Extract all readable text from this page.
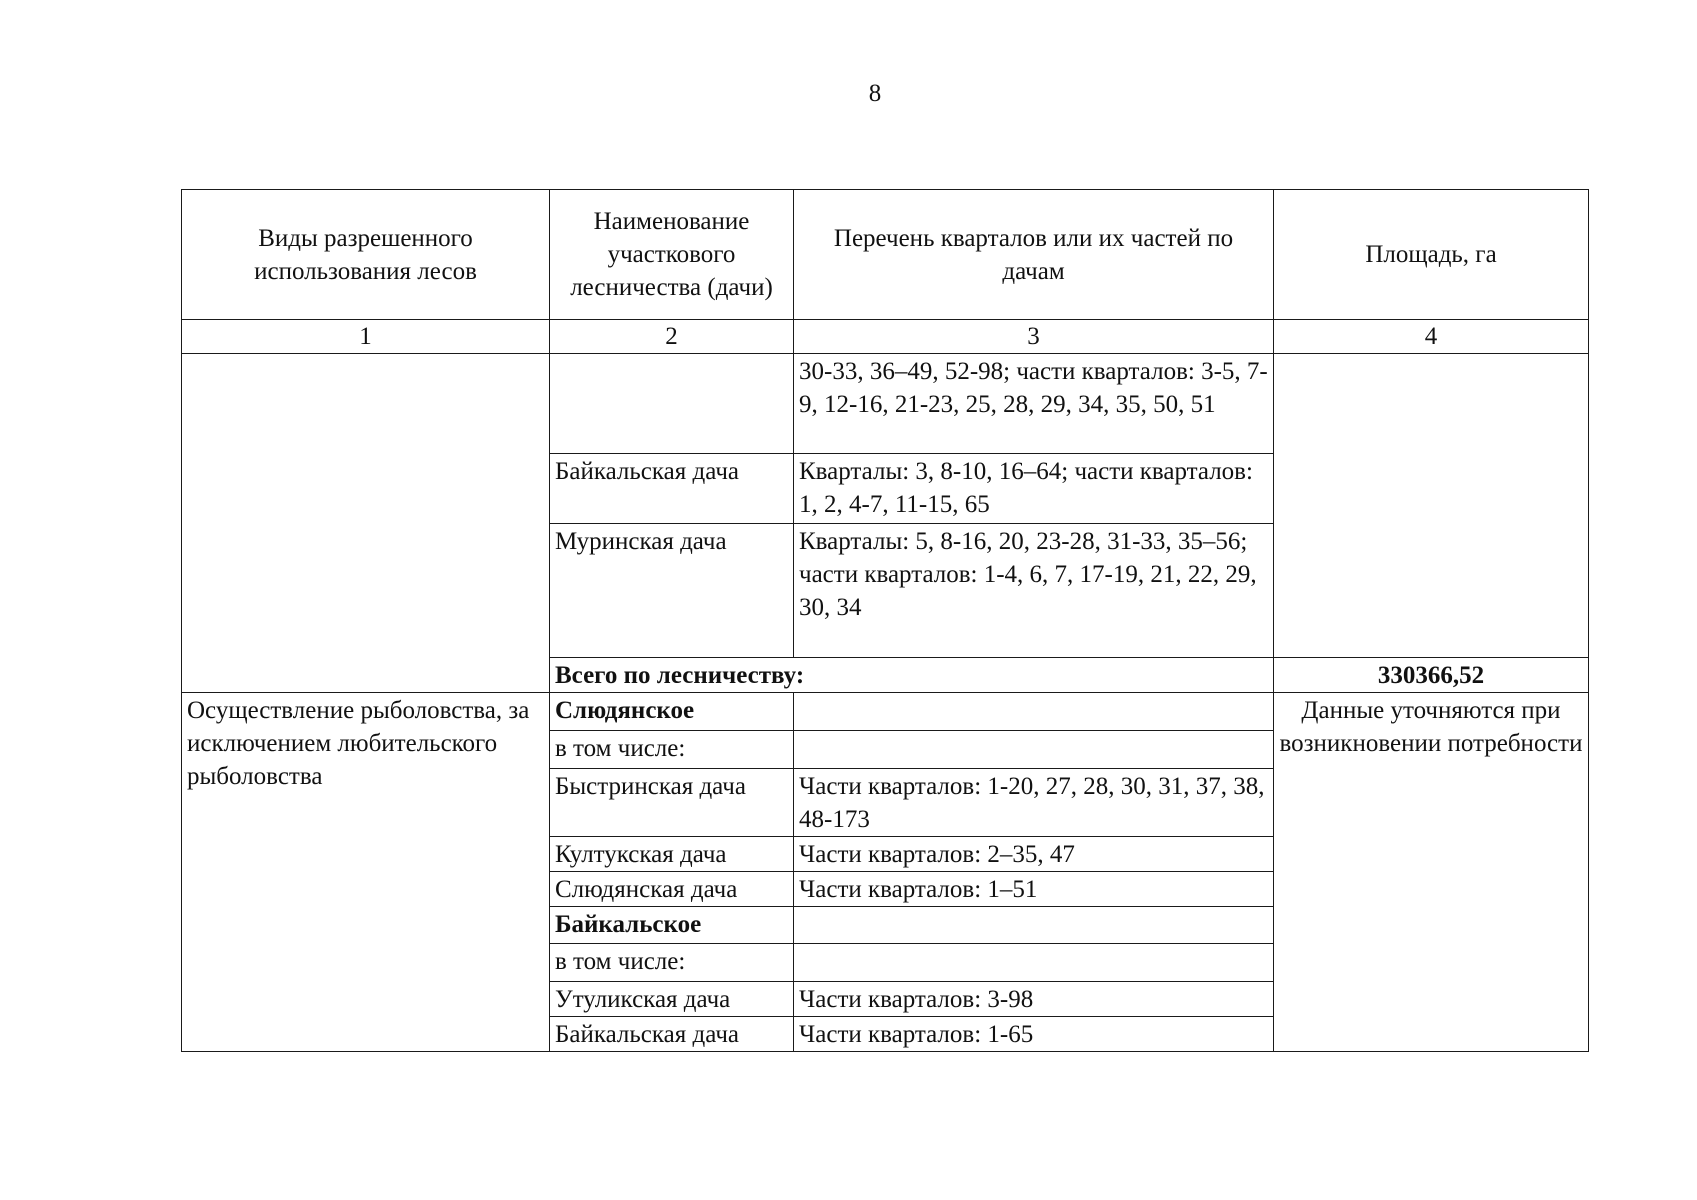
8
Виды разрешенного использования лесов	Наименование участкового лесничества (дачи)	Перечень кварталов или их частей по дачам	Площадь, га
1	2	3	4
		30-33, 36–49, 52-98; части кварталов: 3-5, 7-9, 12-16, 21-23, 25, 28, 29, 34, 35, 50, 51	
	Байкальская дача	Кварталы: 3, 8-10, 16–64; части кварталов: 1, 2, 4-7, 11-15, 65	
	Муринская дача	Кварталы: 5, 8-16, 20, 23-28, 31-33, 35–56; части кварталов: 1-4, 6, 7, 17-19, 21, 22, 29, 30, 34	
	Всего по лесничеству:		330366,52
Осуществление рыболовства, за исключением любительского рыболовства	Слюдянское		Данные уточняются при возникновении потребности
	в том числе:		
	Быстринская дача	Части кварталов: 1-20, 27, 28, 30, 31, 37, 38, 48-173	
	Култукская дача	Части кварталов: 2–35, 47	
	Слюдянская дача	Части кварталов: 1–51	
	Байкальское		
	в том числе:		
	Утуликская дача	Части кварталов: 3-98	
	Байкальская дача	Части кварталов: 1-65	
